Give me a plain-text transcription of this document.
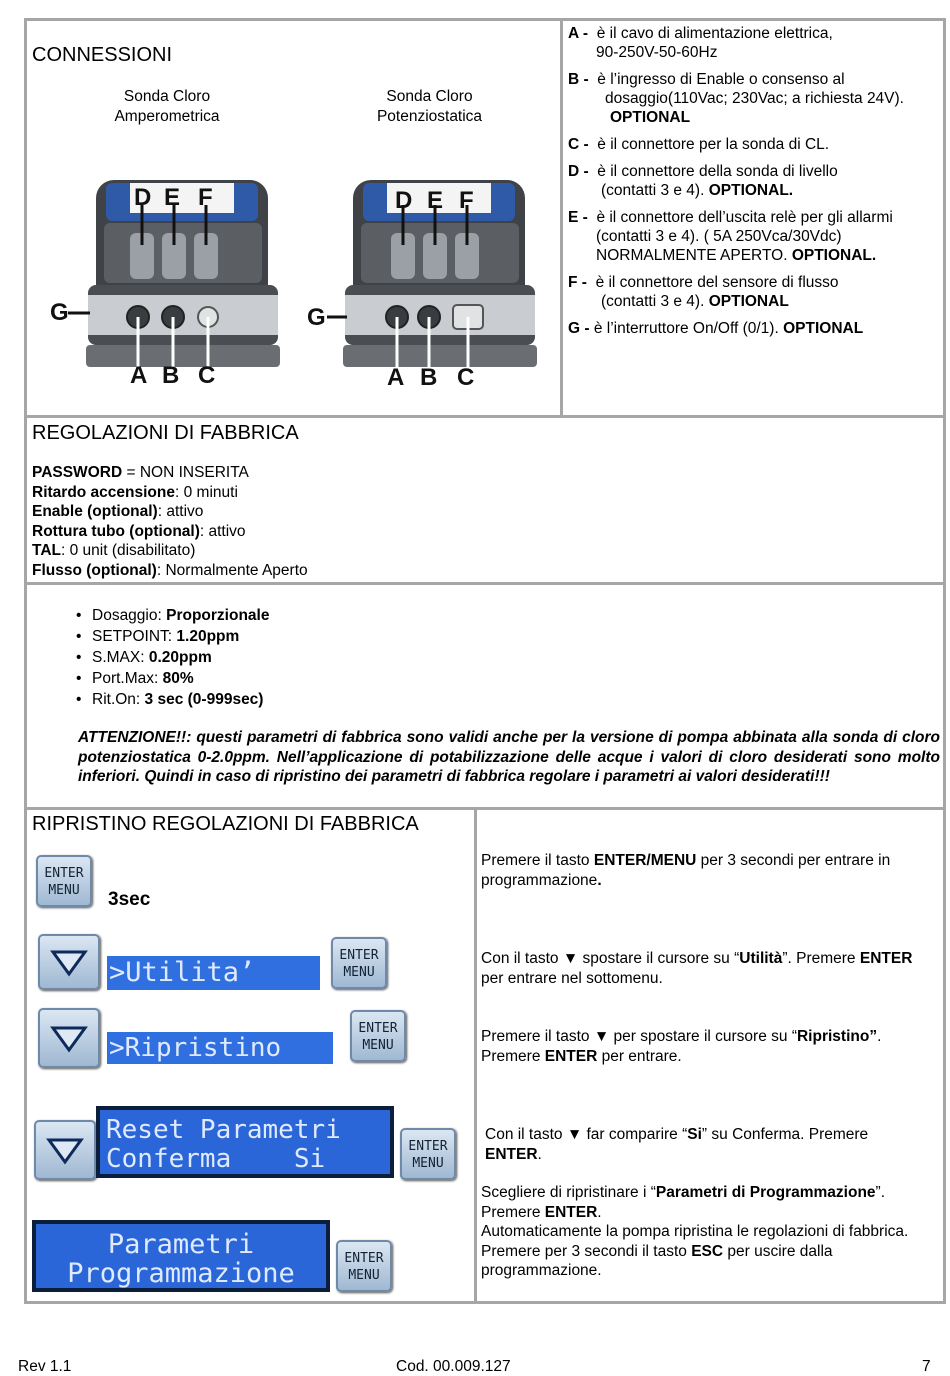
CONNESSIONI
Sonda Cloro
Amperometrica
Sonda Cloro
Potenziostatica
D E F
G
A B C
D E F
G
A B C

A - è il cavo di alimentazione elettrica,
90-250V-50-60Hz

B - è l’ingresso di Enable o consenso al
dosaggio(110Vac; 230Vac; a richiesta 24V).
OPTIONAL

C - è il connettore per la sonda di CL.

D - è il connettore della sonda di livello
(contatti 3 e 4). OPTIONAL.

E - è il connettore dell’uscita relè per gli allarmi
(contatti 3 e 4). ( 5A 250Vca/30Vdc)
NORMALMENTE APERTO. OPTIONAL.

F - è il connettore del sensore di flusso
(contatti 3 e 4). OPTIONAL

G - è l’interruttore On/Off (0/1). OPTIONAL

REGOLAZIONI DI FABBRICA
PASSWORD = NON INSERITA
Ritardo accensione: 0 minuti
Enable (optional): attivo
Rottura tubo (optional): attivo
TAL: 0 unit (disabilitato)
Flusso (optional): Normalmente Aperto
• Dosaggio: Proporzionale
• SETPOINT: 1.20ppm
• S.MAX: 0.20ppm
• Port.Max: 80%
• Rit.On: 3 sec (0-999sec)
ATTENZIONE!!: questi parametri di fabbrica sono validi anche per la versione di pompa abbinata alla sonda di cloro potenziostatica 0-2.0ppm. Nell’applicazione di potabilizzazione delle acque i valori di cloro desiderati sono molto inferiori. Quindi in caso di ripristino dei parametri di fabbrica regolare i parametri ai valori desiderati!!!
RIPRISTINO REGOLAZIONI DI FABBRICA
ENTER
MENU	3sec
>Utilita’
ENTER
MENU
>Ripristino
ENTER
MENU
Reset Parametri
Conferma    Si	ENTER
MENU
Parametri
Programmazione	ENTER
MENU
Premere il tasto ENTER/MENU per 3 secondi per entrare in programmazione.
Con il tasto ▼ spostare il cursore su “Utilità”. Premere ENTER per entrare nel sottomenu.
Premere il tasto ▼ per spostare il cursore su “Ripristino”. Premere ENTER per entrare.
Con il tasto ▼ far comparire “Si” su Conferma. Premere ENTER.
Scegliere di ripristinare i “Parametri di Programmazione”. Premere ENTER.
Automaticamente la pompa ripristina le regolazioni di fabbrica.
Premere per 3 secondi il tasto ESC per uscire dalla programmazione.
Rev 1.1	Cod. 00.009.127	7
